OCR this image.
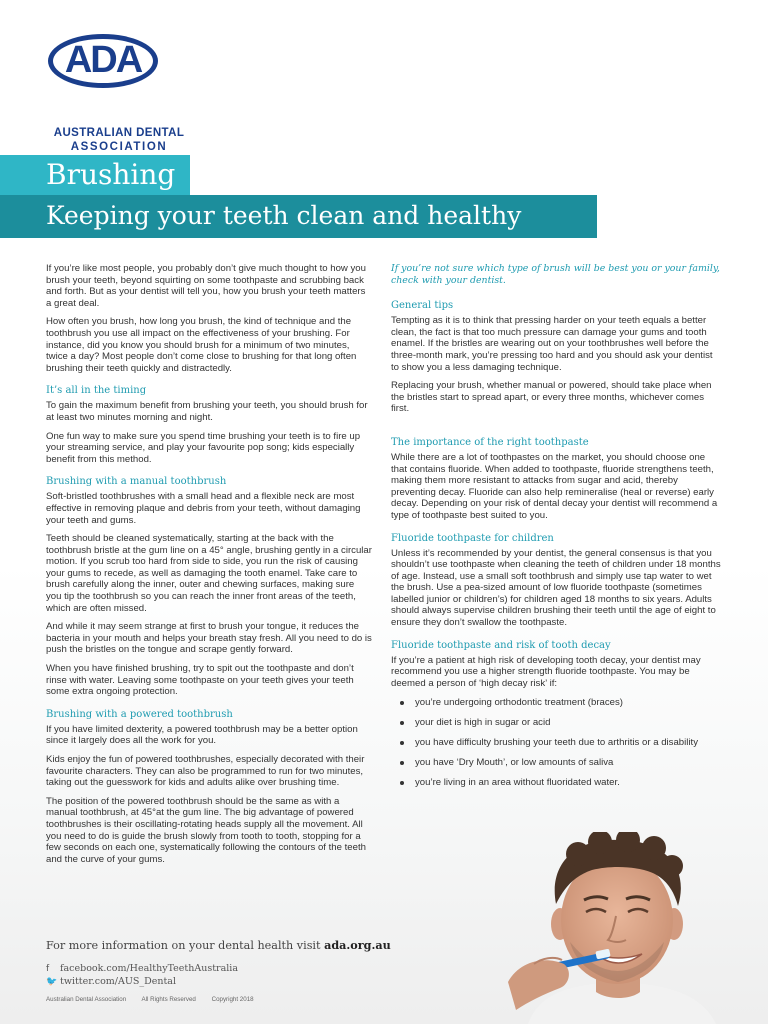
ADA
AUSTRALIAN DENTAL
ASSOCIATION
Brushing
Keeping your teeth clean and healthy

If you’re like most people, you probably don’t give much thought to how you brush your teeth, beyond squirting on some toothpaste and scrubbing back and forth. But as your dentist will tell you, how you brush your teeth matters a great deal.

How often you brush, how long you brush, the kind of technique and the toothbrush you use all impact on the effectiveness of your brushing. For instance, did you know you should brush for a minimum of two minutes, twice a day? Most people don’t come close to brushing for that long often brushing their teeth quickly and distractedly.

It’s all in the timing

To gain the maximum benefit from brushing your teeth, you should brush for at least two minutes morning and night.

One fun way to make sure you spend time brushing your teeth is to fire up your streaming service, and play your favourite pop song; kids especially benefit from this method.

Brushing with a manual toothbrush

Soft-bristled toothbrushes with a small head and a flexible neck are most effective in removing plaque and debris from your teeth, without damaging your teeth and gums.

Teeth should be cleaned systematically, starting at the back with the toothbrush bristle at the gum line on a 45° angle, brushing gently in a circular motion. If you scrub too hard from side to side, you run the risk of causing your gums to recede, as well as damaging the tooth enamel. Take care to brush carefully along the inner, outer and chewing surfaces, making sure you tip the toothbrush so you can reach the inner front areas of the teeth, which are often missed.

And while it may seem strange at first to brush your tongue, it reduces the bacteria in your mouth and helps your breath stay fresh. All you need to do is push the bristles on the tongue and scrape gently forward.

When you have finished brushing, try to spit out the toothpaste and don’t rinse with water. Leaving some toothpaste on your teeth gives your teeth some extra ongoing protection.

Brushing with a powered toothbrush

If you have limited dexterity, a powered toothbrush may be a better option since it largely does all the work for you.

Kids enjoy the fun of powered toothbrushes, especially decorated with their favourite characters. They can also be programmed to run for two minutes, taking out the guesswork for kids and adults alike over brushing time.

The position of the powered toothbrush should be the same as with a manual toothbrush, at 45°at the gum line. The big advantage of powered toothbrushes is their oscillating-rotating heads supply all the movement. All you need to do is guide the brush slowly from tooth to tooth, stopping for a few seconds on each one, systematically following the contours of the teeth and the curve of your gums.

If you’re not sure which type of brush will be best you or your family, check with your dentist.

General tips

Tempting as it is to think that pressing harder on your teeth equals a better clean, the fact is that too much pressure can damage your gums and tooth enamel. If the bristles are wearing out on your toothbrushes well before the three-month mark, you’re pressing too hard and you should ask your dentist to show you a less damaging technique.

Replacing your brush, whether manual or powered, should take place when the bristles start to spread apart, or every three months, whichever comes first.

The importance of the right toothpaste

While there are a lot of toothpastes on the market, you should choose one that contains fluoride. When added to toothpaste, fluoride strengthens teeth, making them more resistant to attacks from sugar and acid, thereby preventing decay. Fluoride can also help remineralise (heal or reverse) early decay. Depending on your risk of dental decay your dentist will recommend a type of toothpaste best suited to you.

Fluoride toothpaste for children

Unless it’s recommended by your dentist, the general consensus is that you shouldn’t use toothpaste when cleaning the teeth of children under 18 months of age. Instead, use a small soft toothbrush and simply use tap water to wet the brush. Use a pea-sized amount of low fluoride toothpaste (sometimes labelled junior or children’s) for children aged 18 months to six years. Adults should always supervise children brushing their teeth until the age of eight to ensure they don’t swallow the toothpaste.

Fluoride toothpaste and risk of tooth decay

If you’re a patient at high risk of developing tooth decay, your dentist may recommend you use a higher strength fluoride toothpaste. You may be deemed a person of ‘high decay risk’ if:

you’re undergoing orthodontic treatment (braces)
your diet is high in sugar or acid
you have difficulty brushing your teeth due to arthritis or a disability
you have ‘Dry Mouth’, or low amounts of saliva
you’re living in an area without fluoridated water.
For more information on your dental health visit ada.org.au
f facebook.com/HealthyTeethAustralia
🐦 twitter.com/AUS_Dental
Australian Dental Association All Rights Reserved	Copyright 2018
